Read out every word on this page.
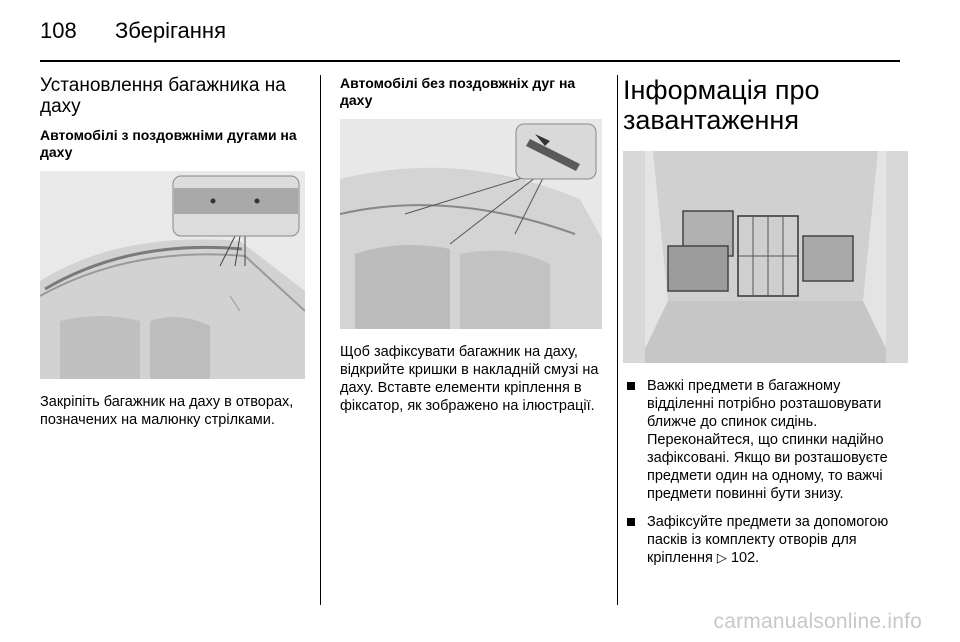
108 Зберігання
Установлення багажника на даху
Автомобілі з поздовжніми дугами на даху

Закріпіть багажник на даху в отворах, позначених на малюнку стрілками.

Автомобілі без поздовжніх дуг на даху

Щоб зафіксувати багажник на даху, відкрийте кришки в накладній смузі на даху. Вставте елементи кріплення в фіксатор, як зображено на ілюстрації.

Інформація про завантаження
Важкі предмети в багажному відділенні потрібно розташовувати ближче до спинок сидінь. Переконайтеся, що спинки надійно зафіксовані. Якщо ви розташовуєте предмети один на одному, то важчі предмети повинні бути знизу.
Зафіксуйте предмети за допомогою пасків із комплекту отворів для кріплення ▷ 102.
carmanualsonline.info
